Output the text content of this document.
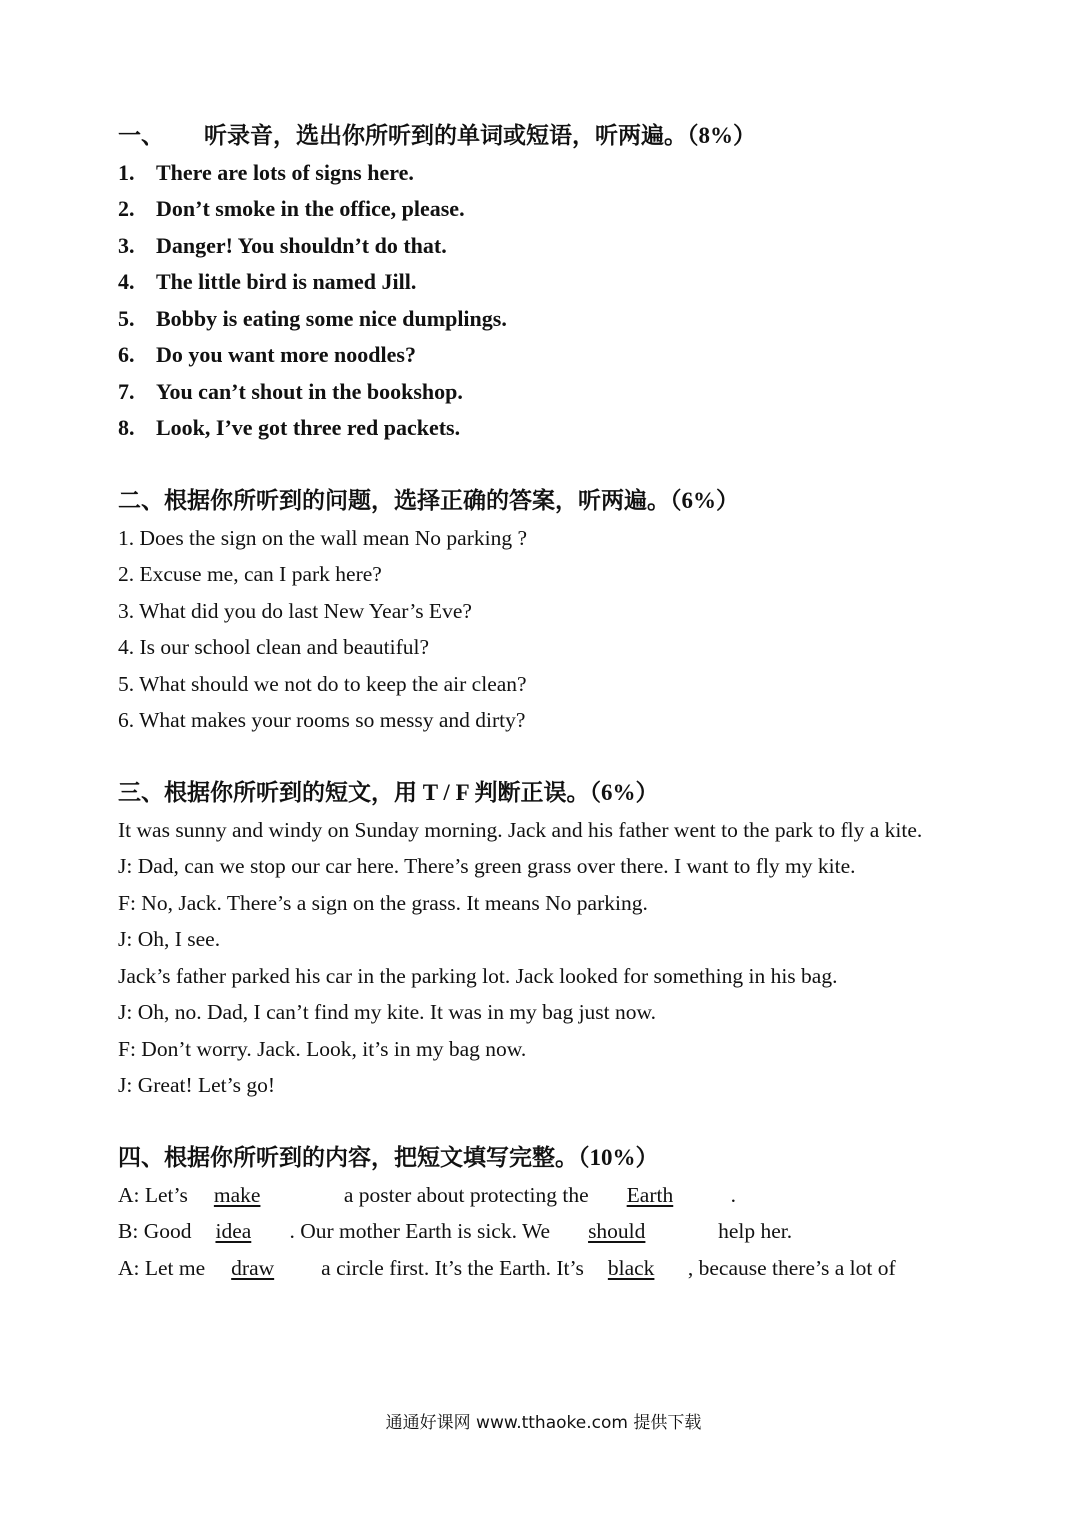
一、 听录音，选出你所听到的单词或短语，听两遍。（8%）
1. There are lots of signs here.
2. Don’t smoke in the office, please.
3. Danger! You shouldn’t do that.
4. The little bird is named Jill.
5. Bobby is eating some nice dumplings.
6. Do you want more noodles?
7. You can’t shout in the bookshop.
8. Look, I’ve got three red packets.
二、根据你所听到的问题，选择正确的答案，听两遍。（6%）
1. Does the sign on the wall mean No parking ?
2. Excuse me, can I park here?
3. What did you do last New Year’s Eve?
4. Is our school clean and beautiful?
5. What should we not do to keep the air clean?
6. What makes your rooms so messy and dirty?
三、根据你所听到的短文，用 T / F 判断正误。（6%）
It was sunny and windy on Sunday morning. Jack and his father went to the park to fly a kite.
J: Dad, can we stop our car here. There’s green grass over there. I want to fly my kite.
F: No, Jack. There’s a sign on the grass. It means No parking.
J: Oh, I see.
Jack’s father parked his car in the parking lot. Jack looked for something in his bag.
J: Oh, no. Dad, I can’t find my kite. It was in my bag just now.
F: Don’t worry. Jack. Look, it’s in my bag now.
J: Great! Let’s go!
四、根据你所听到的内容，把短文填写完整。（10%）
A: Let’s make	a poster about protecting the Earth	.
B: Good idea . Our mother Earth is sick. We should	help her.
A: Let me draw a circle first. It’s the Earth. It’s black , because there’s a lot of
通通好课网 www.tthaoke.com 提供下载
